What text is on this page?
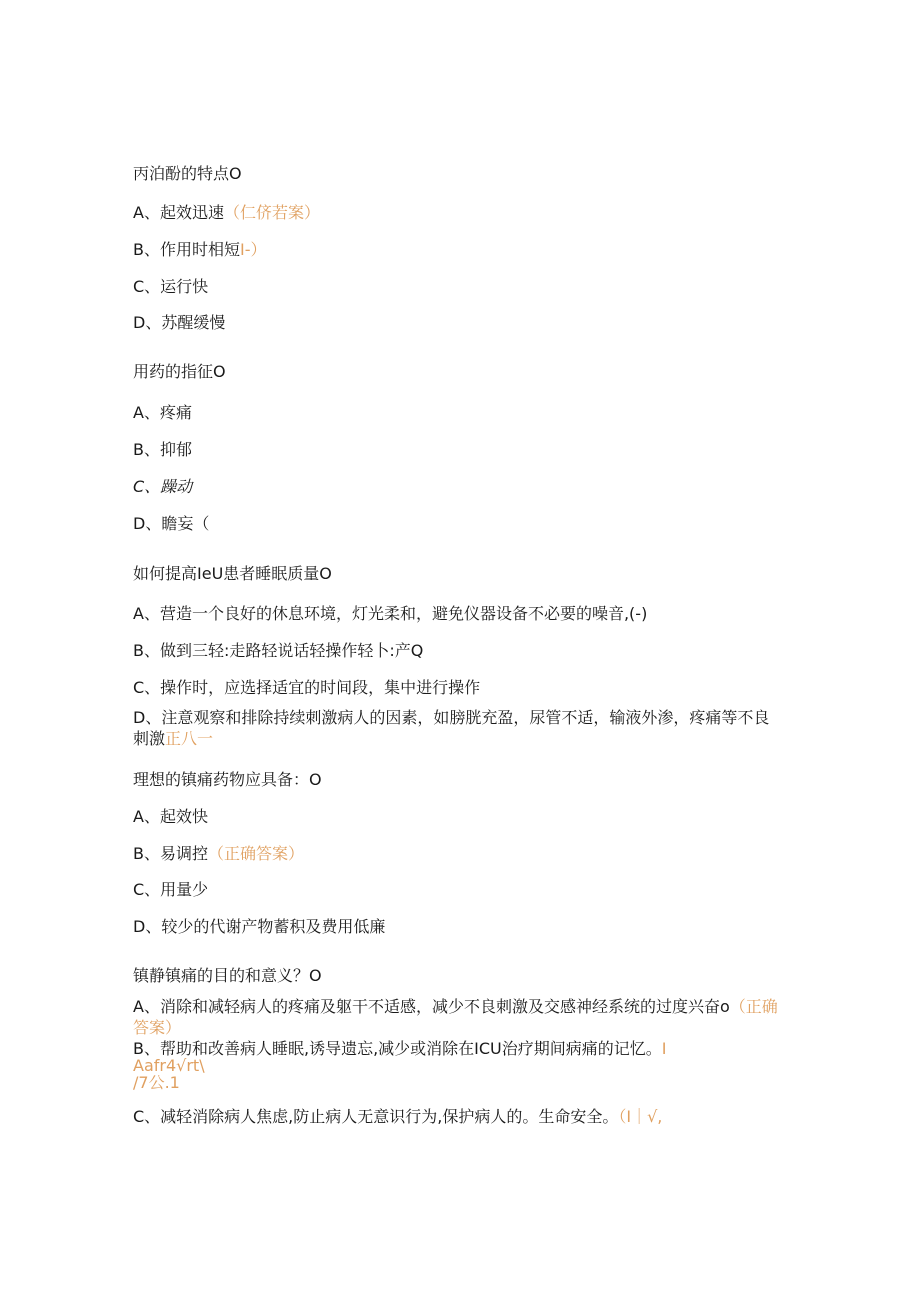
丙泊酚的特点O
A、起效迅速（仁侪若案）
B、作用时相短I-）
C、运行快
D、苏醒缓慢
用药的指征O
A、疼痛
B、抑郁
C、躁动
D、瞻妄（
如何提高IeU患者睡眠质量O
A、营造一个良好的休息环境，灯光柔和，避免仪器设备不必要的噪音,(-)
B、做到三轻:走路轻说话轻操作轻卜:产Q
C、操作时，应选择适宜的时间段，集中进行操作
D、注意观察和排除持续刺激病人的因素，如膀胱充盈，尿管不适，输液外渗，疼痛等不良刺激正八一
理想的镇痛药物应具备：O
A、起效快
B、易调控（正确答案）
C、用量少
D、较少的代谢产物蓄积及费用低廉
镇静镇痛的目的和意义？O
A、消除和减轻病人的疼痛及躯干不适感，减少不良刺激及交感神经系统的过度兴奋o（正确答案）
B、帮助和改善病人睡眠,诱导遗忘,减少或消除在ICU治疗期间病痛的记忆。I
Aafr4√rt\
/7公.1
C、减轻消除病人焦虑,防止病人无意识行为,保护病人的。生命安全。（I｜√,
